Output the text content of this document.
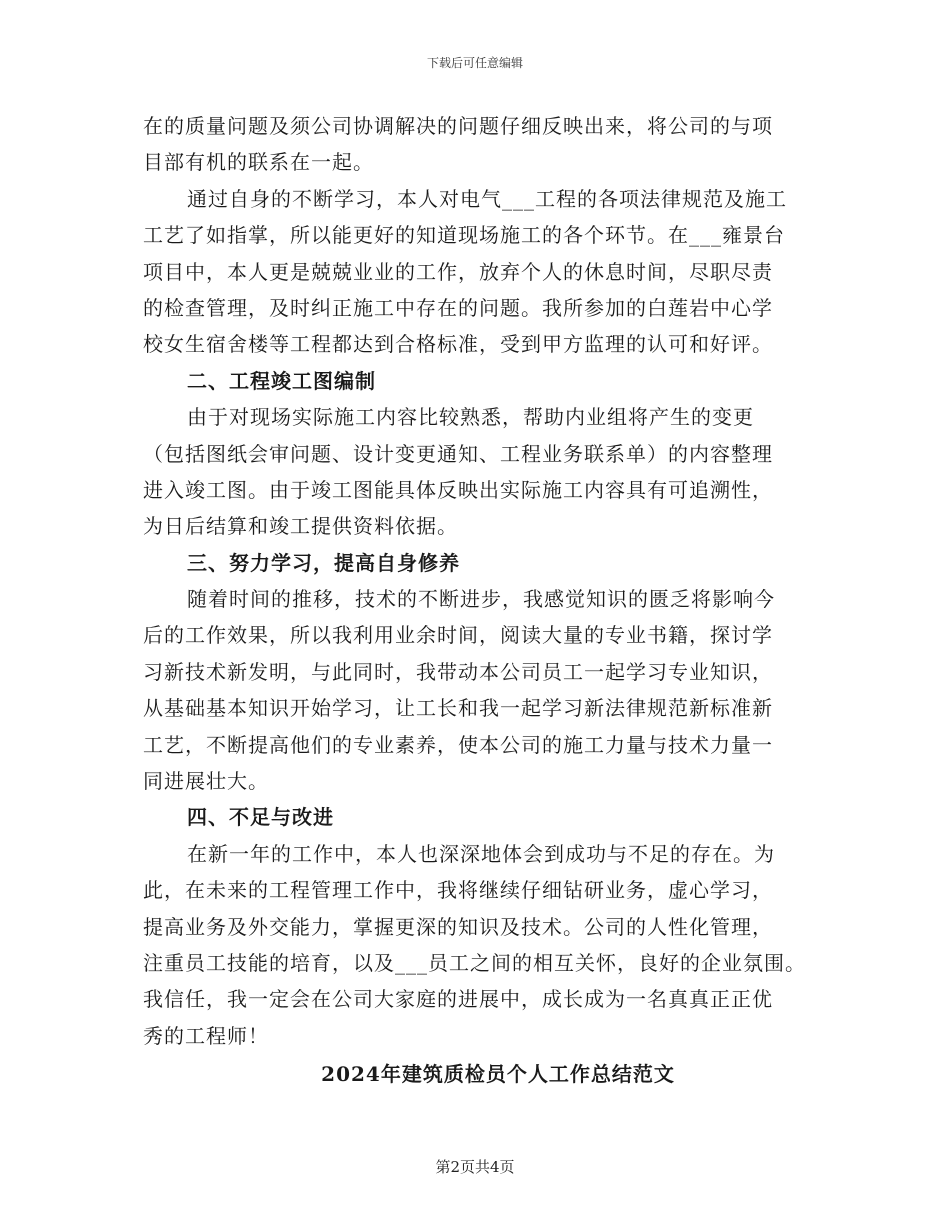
下载后可任意编辑
在的质量问题及须公司协调解决的问题仔细反映出来，将公司的与项
目部有机的联系在一起。
通过自身的不断学习，本人对电气___工程的各项法律规范及施工
工艺了如指掌，所以能更好的知道现场施工的各个环节。在___雍景台
项目中，本人更是兢兢业业的工作，放弃个人的休息时间，尽职尽责
的检查管理，及时纠正施工中存在的问题。我所参加的白莲岩中心学
校女生宿舍楼等工程都达到合格标准，受到甲方监理的认可和好评。
二、工程竣工图编制
由于对现场实际施工内容比较熟悉，帮助内业组将产生的变更
（包括图纸会审问题、设计变更通知、工程业务联系单）的内容整理
进入竣工图。由于竣工图能具体反映出实际施工内容具有可追溯性，
为日后结算和竣工提供资料依据。
三、努力学习，提高自身修养
随着时间的推移，技术的不断进步，我感觉知识的匮乏将影响今
后的工作效果，所以我利用业余时间，阅读大量的专业书籍，探讨学
习新技术新发明，与此同时，我带动本公司员工一起学习专业知识，
从基础基本知识开始学习，让工长和我一起学习新法律规范新标准新
工艺，不断提高他们的专业素养，使本公司的施工力量与技术力量一
同进展壮大。
四、不足与改进
在新一年的工作中，本人也深深地体会到成功与不足的存在。为
此，在未来的工程管理工作中，我将继续仔细钻研业务，虚心学习，
提高业务及外交能力，掌握更深的知识及技术。公司的人性化管理，
注重员工技能的培育，以及___员工之间的相互关怀，良好的企业氛围。
我信任，我一定会在公司大家庭的进展中，成长成为一名真真正正优
秀的工程师！
2024年建筑质检员个人工作总结范文
第2页共4页
